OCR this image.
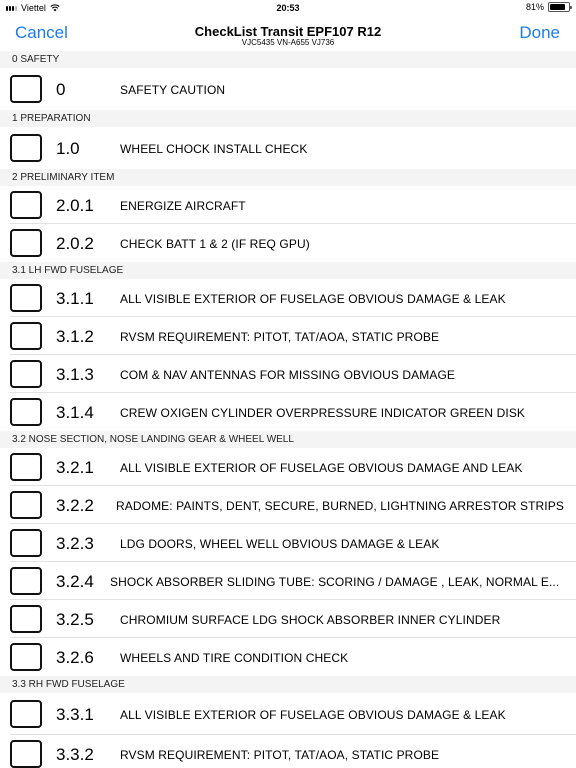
Viettel	20:53	81%
Cancel	CheckList Transit EPF107 R12
VJC5435 VN-A655 VJ736
Done
0 SAFETY
0	SAFETY CAUTION
1 PREPARATION
1.0	WHEEL CHOCK INSTALL CHECK
2 PRELIMINARY ITEM
2.0.1 ENERGIZE AIRCRAFT
2.0.2 CHECK BATT 1 & 2 (IF REQ GPU)
3.1 LH FWD FUSELAGE
3.1.1 ALL VISIBLE EXTERIOR OF FUSELAGE OBVIOUS DAMAGE & LEAK
3.1.2 RVSM REQUIREMENT: PITOT, TAT/AOA, STATIC PROBE
3.1.3 COM & NAV ANTENNAS FOR MISSING OBVIOUS DAMAGE
3.1.4 CREW OXIGEN CYLINDER OVERPRESSURE INDICATOR GREEN DISK
3.2 NOSE SECTION, NOSE LANDING GEAR & WHEEL WELL
3.2.1 ALL VISIBLE EXTERIOR OF FUSELAGE OBVIOUS DAMAGE AND LEAK
3.2.2 RADOME: PAINTS, DENT, SECURE, BURNED, LIGHTNING ARRESTOR STRIPS
3.2.3 LDG DOORS, WHEEL WELL OBVIOUS DAMAGE & LEAK
3.2.4 SHOCK ABSORBER SLIDING TUBE: SCORING / DAMAGE , LEAK, NORMAL E...
3.2.5 CHROMIUM SURFACE LDG SHOCK ABSORBER INNER CYLINDER
3.2.6 WHEELS AND TIRE CONDITION CHECK
3.3 RH FWD FUSELAGE
3.3.1 ALL VISIBLE EXTERIOR OF FUSELAGE OBVIOUS DAMAGE & LEAK
3.3.2 RVSM REQUIREMENT: PITOT, TAT/AOA, STATIC PROBE
